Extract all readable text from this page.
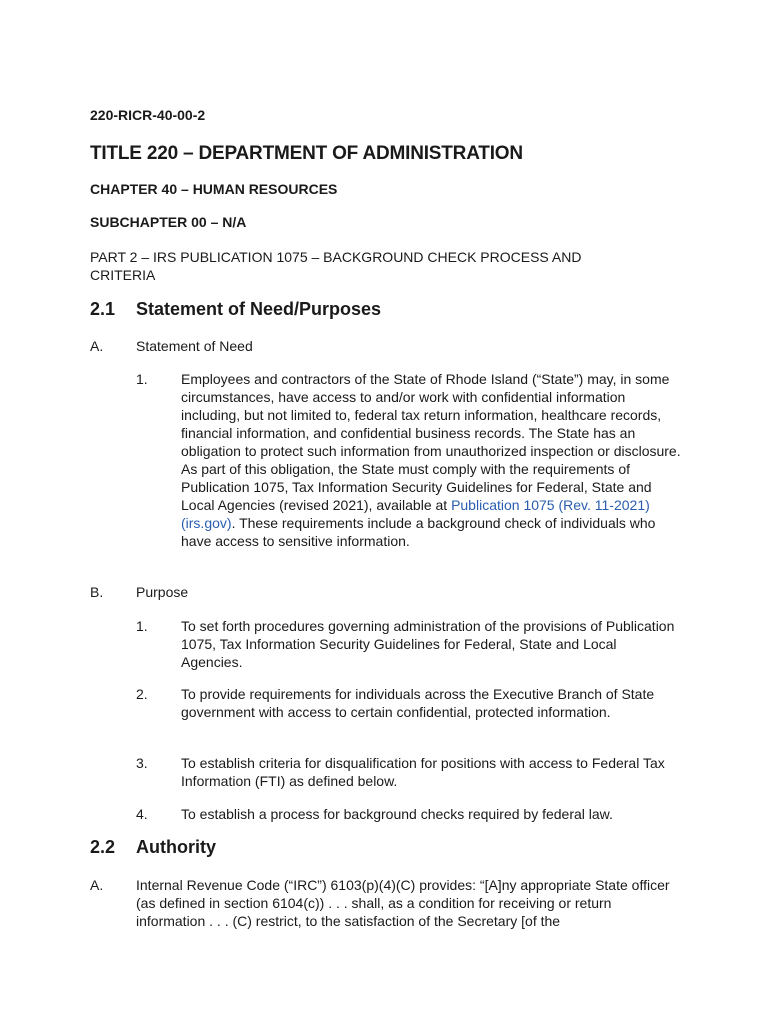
220-RICR-40-00-2
TITLE 220 – DEPARTMENT OF ADMINISTRATION
CHAPTER 40 – HUMAN RESOURCES
SUBCHAPTER 00 – N/A
PART 2 – IRS PUBLICATION 1075 – BACKGROUND CHECK PROCESS AND CRITERIA
2.1 Statement of Need/Purposes
A. Statement of Need
1. Employees and contractors of the State of Rhode Island (“State”) may, in some circumstances, have access to and/or work with confidential information including, but not limited to, federal tax return information, healthcare records, financial information, and confidential business records. The State has an obligation to protect such information from unauthorized inspection or disclosure. As part of this obligation, the State must comply with the requirements of Publication 1075, Tax Information Security Guidelines for Federal, State and Local Agencies (revised 2021), available at Publication 1075 (Rev. 11-2021) (irs.gov). These requirements include a background check of individuals who have access to sensitive information.
B. Purpose
1. To set forth procedures governing administration of the provisions of Publication 1075, Tax Information Security Guidelines for Federal, State and Local Agencies.
2. To provide requirements for individuals across the Executive Branch of State government with access to certain confidential, protected information.
3. To establish criteria for disqualification for positions with access to Federal Tax Information (FTI) as defined below.
4. To establish a process for background checks required by federal law.
2.2 Authority
A. Internal Revenue Code (“IRC”) 6103(p)(4)(C) provides: “[A]ny appropriate State officer (as defined in section 6104(c)) . . . shall, as a condition for receiving or return information . . . (C) restrict, to the satisfaction of the Secretary [of the
